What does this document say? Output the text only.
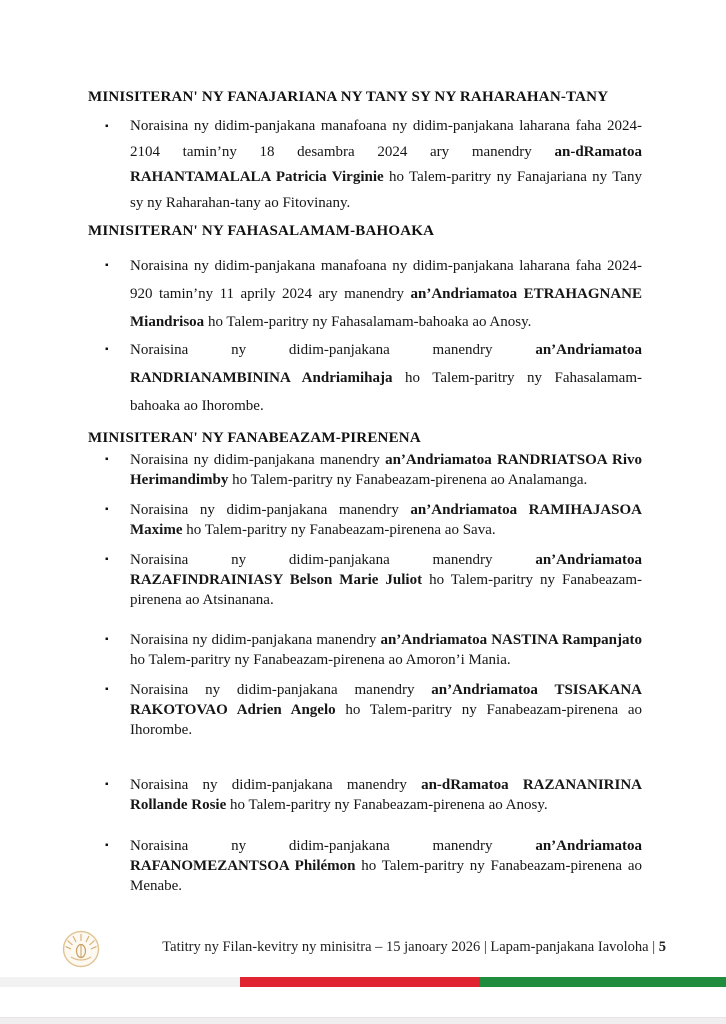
MINISITERAN' NY FANAJARIANA NY TANY SY NY RAHARAHAN-TANY
▪	Noraisina ny didim-panjakana manafoana ny didim-panjakana laharana faha 2024-2104 tamin’ny 18 desambra 2024 ary manendry an-dRamatoa RAHANTAMALALA Patricia Virginie ho Talem-paritry ny Fanajariana ny Tany sy ny Raharahan-tany ao Fitovinany.
MINISITERAN' NY FAHASALAMAM-BAHOAKA
▪	Noraisina ny didim-panjakana manafoana ny didim-panjakana laharana faha 2024-920 tamin’ny 11 aprily 2024 ary manendry an’Andriamatoa ETRAHAGNANE Miandrisoa ho Talem-paritry ny Fahasalamam-bahoaka ao Anosy.
▪	Noraisina ny didim-panjakana manendry an’Andriamatoa RANDRIANAMBININA Andriamihaja ho Talem-paritry ny Fahasalamam-bahoaka ao Ihorombe.
MINISITERAN' NY FANABEAZAM-PIRENENA
▪	Noraisina ny didim-panjakana manendry an’Andriamatoa RANDRIATSOA Rivo Herimandimby ho Talem-paritry ny Fanabeazam-pirenena ao Analamanga.
▪	Noraisina ny didim-panjakana manendry an’Andriamatoa RAMIHAJASOA Maxime ho Talem-paritry ny Fanabeazam-pirenena ao Sava.
▪	Noraisina ny didim-panjakana manendry an’Andriamatoa RAZAFINDRAINIASY Belson Marie Juliot ho Talem-paritry ny Fanabeazam-pirenena ao Atsinanana.
▪	Noraisina ny didim-panjakana manendry an’Andriamatoa NASTINA Rampanjato ho Talem-paritry ny Fanabeazam-pirenena ao Amoron’i Mania.
▪	Noraisina ny didim-panjakana manendry an’Andriamatoa TSISAKANA RAKOTOVAO Adrien Angelo ho Talem-paritry ny Fanabeazam-pirenena ao Ihorombe.
▪	Noraisina ny didim-panjakana manendry an-dRamatoa RAZANANIRINA Rollande Rosie ho Talem-paritry ny Fanabeazam-pirenena ao Anosy.
▪	Noraisina ny didim-panjakana manendry an’Andriamatoa RAFANOMEZANTSOA Philémon ho Talem-paritry ny Fanabeazam-pirenena ao Menabe.
Tatitry ny Filan-kevitry ny minisitra – 15 janoary 2026 | Lapam-panjakana Iavoloha | 5
